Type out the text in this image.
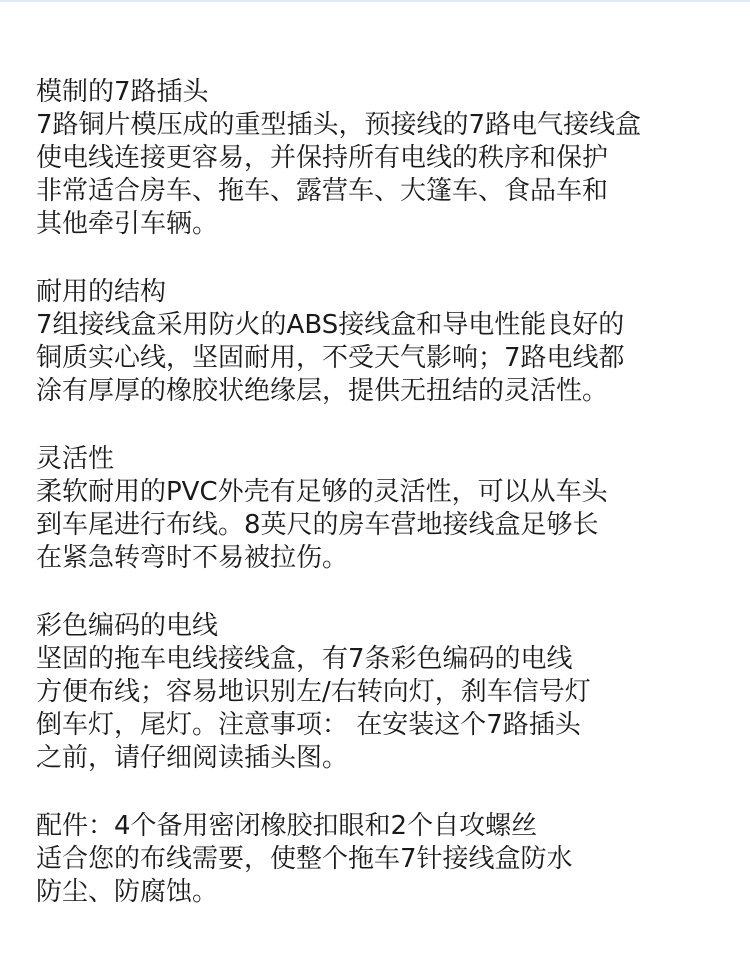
模制的7路插头
7路铜片模压成的重型插头，预接线的7路电气接线盒
使电线连接更容易，并保持所有电线的秩序和保护
非常适合房车、拖车、露营车、大篷车、食品车和
其他牵引车辆。
耐用的结构
7组接线盒采用防火的ABS接线盒和导电性能良好的
铜质实心线，坚固耐用，不受天气影响；7路电线都
涂有厚厚的橡胶状绝缘层，提供无扭结的灵活性。
灵活性
柔软耐用的PVC外壳有足够的灵活性，可以从车头
到车尾进行布线。8英尺的房车营地接线盒足够长
在紧急转弯时不易被拉伤。
彩色编码的电线
坚固的拖车电线接线盒，有7条彩色编码的电线
方便布线；容易地识别左/右转向灯，刹车信号灯
倒车灯，尾灯。注意事项： 在安装这个7路插头
之前，请仔细阅读插头图。
配件：4个备用密闭橡胶扣眼和2个自攻螺丝
适合您的布线需要，使整个拖车7针接线盒防水
防尘、防腐蚀。
